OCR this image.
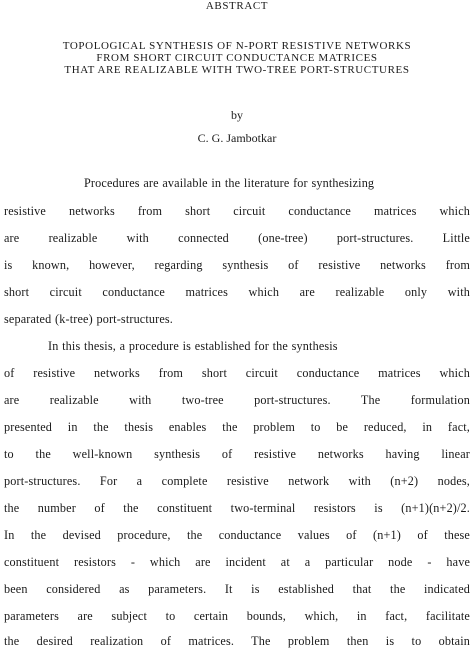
ABSTRACT
TOPOLOGICAL SYNTHESIS OF N-PORT RESISTIVE NETWORKS
FROM SHORT CIRCUIT CONDUCTANCE MATRICES
THAT ARE REALIZABLE WITH TWO-TREE PORT-STRUCTURES
by
C. G. Jambotkar
Procedures are available in the literature for synthesizing
resistive networks from short circuit conductance matrices which
are realizable with connected (one-tree) port-structures. Little
is known, however, regarding synthesis of resistive networks from
short circuit conductance matrices which are realizable only with
separated (k-tree) port-structures.
In this thesis, a procedure is established for the synthesis
of resistive networks from short circuit conductance matrices which
are realizable with two-tree port-structures. The formulation
presented in the thesis enables the problem to be reduced, in fact,
to the well-known synthesis of resistive networks having linear
port-structures. For a complete resistive network with (n+2) nodes,
the number of the constituent two-terminal resistors is (n+1)(n+2)/2.
In the devised procedure, the conductance values of (n+1) of these
constituent resistors - which are incident at a particular node - have
been considered as parameters. It is established that the indicated
parameters are subject to certain bounds, which, in fact, facilitate
the desired realization of matrices. The problem then is to obtain
